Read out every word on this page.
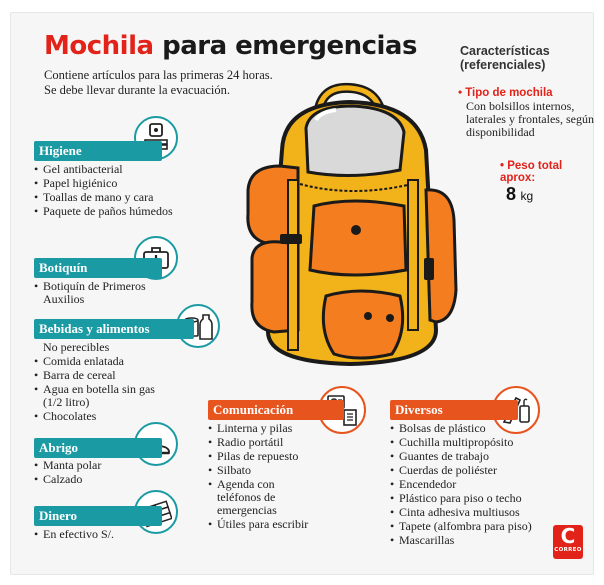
Mochila para emergencias
Contiene artículos para las primeras 24 horas. Se debe llevar durante la evacuación.
Características (referenciales)
• Tipo de mochila
Con bolsillos internos, laterales y frontales, según disponibilidad
• Peso total aprox:
8 kg
Higiene
• Gel antibacterial
• Papel higiénico
• Toallas de mano y cara
• Paquete de paños húmedos
Botiquín
• Botiquín de Primeros Auxilios
Bebidas y alimentos
No perecibles
• Comida enlatada
• Barra de cereal
• Agua en botella sin gas (1/2 litro)
• Chocolates
Abrigo
• Manta polar
• Calzado
Dinero
• En efectivo S/.
Comunicación
• Linterna y pilas
• Radio portátil
• Pilas de repuesto
• Silbato
• Agenda con teléfonos de emergencias
• Útiles para escribir
Diversos
• Bolsas de plástico
• Cuchilla multipropósito
• Guantes de trabajo
• Cuerdas de poliéster
• Encendedor
• Plástico para piso o techo
• Cinta adhesiva multiusos
• Tapete (alfombra para piso)
• Mascarillas	C
CORREO
